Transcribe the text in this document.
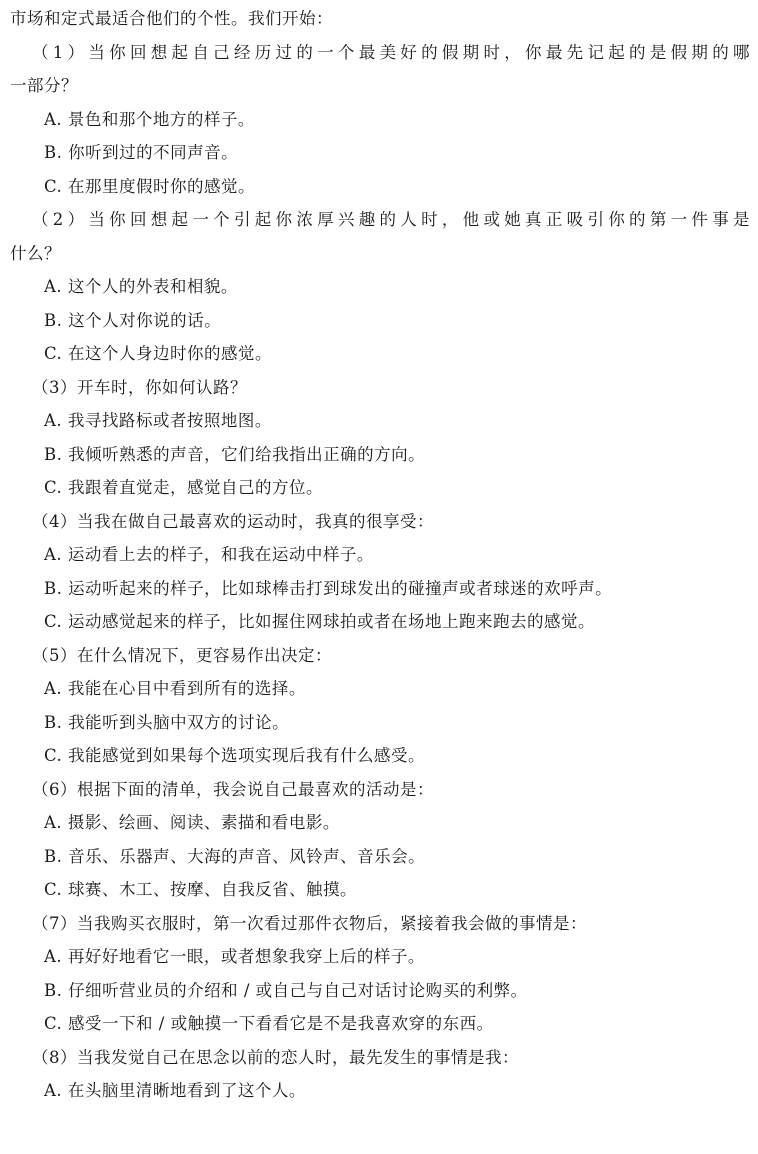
市场和定式最适合他们的个性。我们开始：
（1）当你回想起自己经历过的一个最美好的假期时，你最先记起的是假期的哪
一部分？
A. 景色和那个地方的样子。
B. 你听到过的不同声音。
C. 在那里度假时你的感觉。
（2）当你回想起一个引起你浓厚兴趣的人时，他或她真正吸引你的第一件事是
什么？
A. 这个人的外表和相貌。
B. 这个人对你说的话。
C. 在这个人身边时你的感觉。
（3）开车时，你如何认路？
A. 我寻找路标或者按照地图。
B. 我倾听熟悉的声音，它们给我指出正确的方向。
C. 我跟着直觉走，感觉自己的方位。
（4）当我在做自己最喜欢的运动时，我真的很享受：
A. 运动看上去的样子，和我在运动中样子。
B. 运动听起来的样子，比如球棒击打到球发出的碰撞声或者球迷的欢呼声。
C. 运动感觉起来的样子，比如握住网球拍或者在场地上跑来跑去的感觉。
（5）在什么情况下，更容易作出决定：
A. 我能在心目中看到所有的选择。
B. 我能听到头脑中双方的讨论。
C. 我能感觉到如果每个选项实现后我有什么感受。
（6）根据下面的清单，我会说自己最喜欢的活动是：
A. 摄影、绘画、阅读、素描和看电影。
B. 音乐、乐器声、大海的声音、风铃声、音乐会。
C. 球赛、木工、按摩、自我反省、触摸。
（7）当我购买衣服时，第一次看过那件衣物后，紧接着我会做的事情是：
A. 再好好地看它一眼，或者想象我穿上后的样子。
B. 仔细听营业员的介绍和 / 或自己与自己对话讨论购买的利弊。
C. 感受一下和 / 或触摸一下看看它是不是我喜欢穿的东西。
（8）当我发觉自己在思念以前的恋人时，最先发生的事情是我：
A. 在头脑里清晰地看到了这个人。
